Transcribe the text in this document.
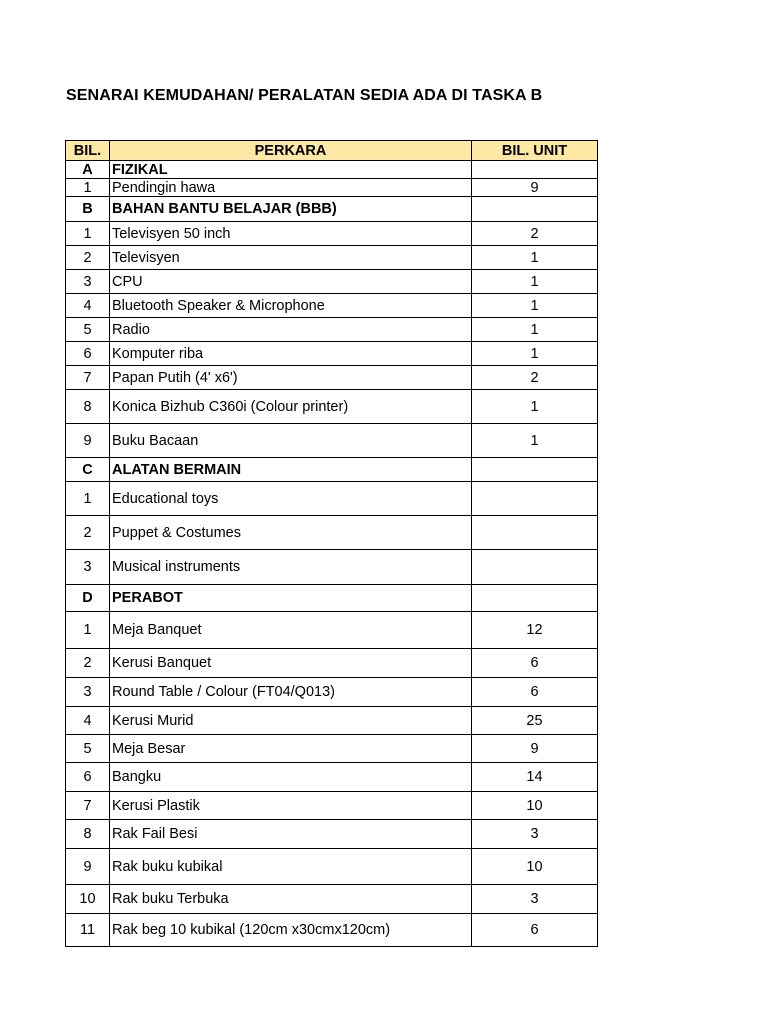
SENARAI KEMUDAHAN/ PERALATAN SEDIA ADA DI TASKA B
BIL.	PERKARA	BIL. UNIT
A	FIZIKAL	
1	Pendingin hawa	9
B	BAHAN BANTU BELAJAR (BBB)	
1	Televisyen 50 inch	2
2	Televisyen	1
3	CPU	1
4	Bluetooth Speaker & Microphone	1
5	Radio	1
6	Komputer riba	1
7	Papan Putih (4' x6')	2
8	Konica Bizhub C360i (Colour printer)	1
9	Buku Bacaan	1
C	ALATAN BERMAIN	
1	Educational toys	
2	Puppet & Costumes	
3	Musical instruments	
D	PERABOT	
1	Meja Banquet	12
2	Kerusi Banquet	6
3	Round Table / Colour (FT04/Q013)	6
4	Kerusi Murid	25
5	Meja Besar	9
6	Bangku	14
7	Kerusi Plastik	10
8	Rak Fail Besi	3
9	Rak buku kubikal	10
10	Rak buku Terbuka	3
11	Rak beg 10 kubikal (120cm x30cmx120cm)	6
